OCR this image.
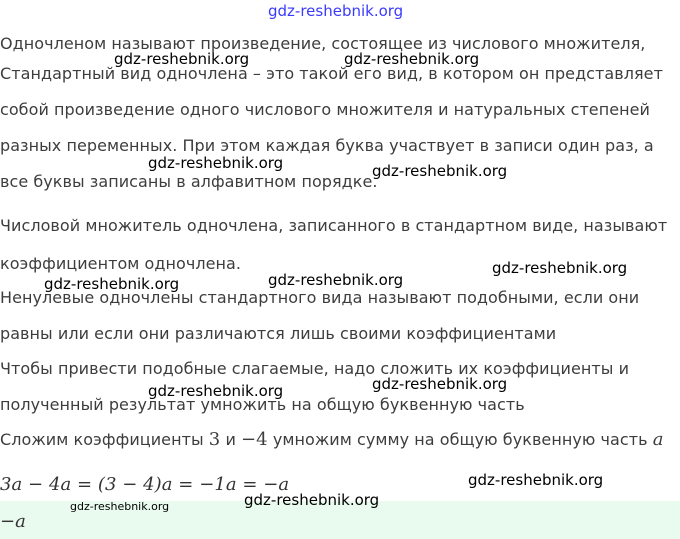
Одночленом называют произведение, состоящее из числового множителя,
Стандартный вид одночлена – это такой его вид, в котором он представляет
собой произведение одного числового множителя и натуральных степеней
разных переменных. При этом каждая буква участвует в записи один раз, а
все буквы записаны в алфавитном порядке.
Числовой множитель одночлена, записанного в стандартном виде, называют
коэффициентом одночлена.
Ненулевые одночлены стандартного вида называют подобными, если они
равны или если они различаются лишь своими коэффициентами
Чтобы привести подобные слагаемые, надо сложить их коэффициенты и
полученный результат умножить на общую буквенную часть
Сложим коэффициенты 3 и −4 умножим сумму на общую буквенную часть a
3a − 4a = (3 − 4)a = −1a = −a
−a
gdz-reshebnik.org
gdz-reshebnik.org	gdz-reshebnik.org
gdz-reshebnik.org	gdz-reshebnik.org
gdz-reshebnik.org
gdz-reshebnik.org
gdz-reshebnik.org
gdz-reshebnik.org
gdz-reshebnik.org
gdz-reshebnik.org
gdz-reshebnik.org
gdz-reshebnik.org
